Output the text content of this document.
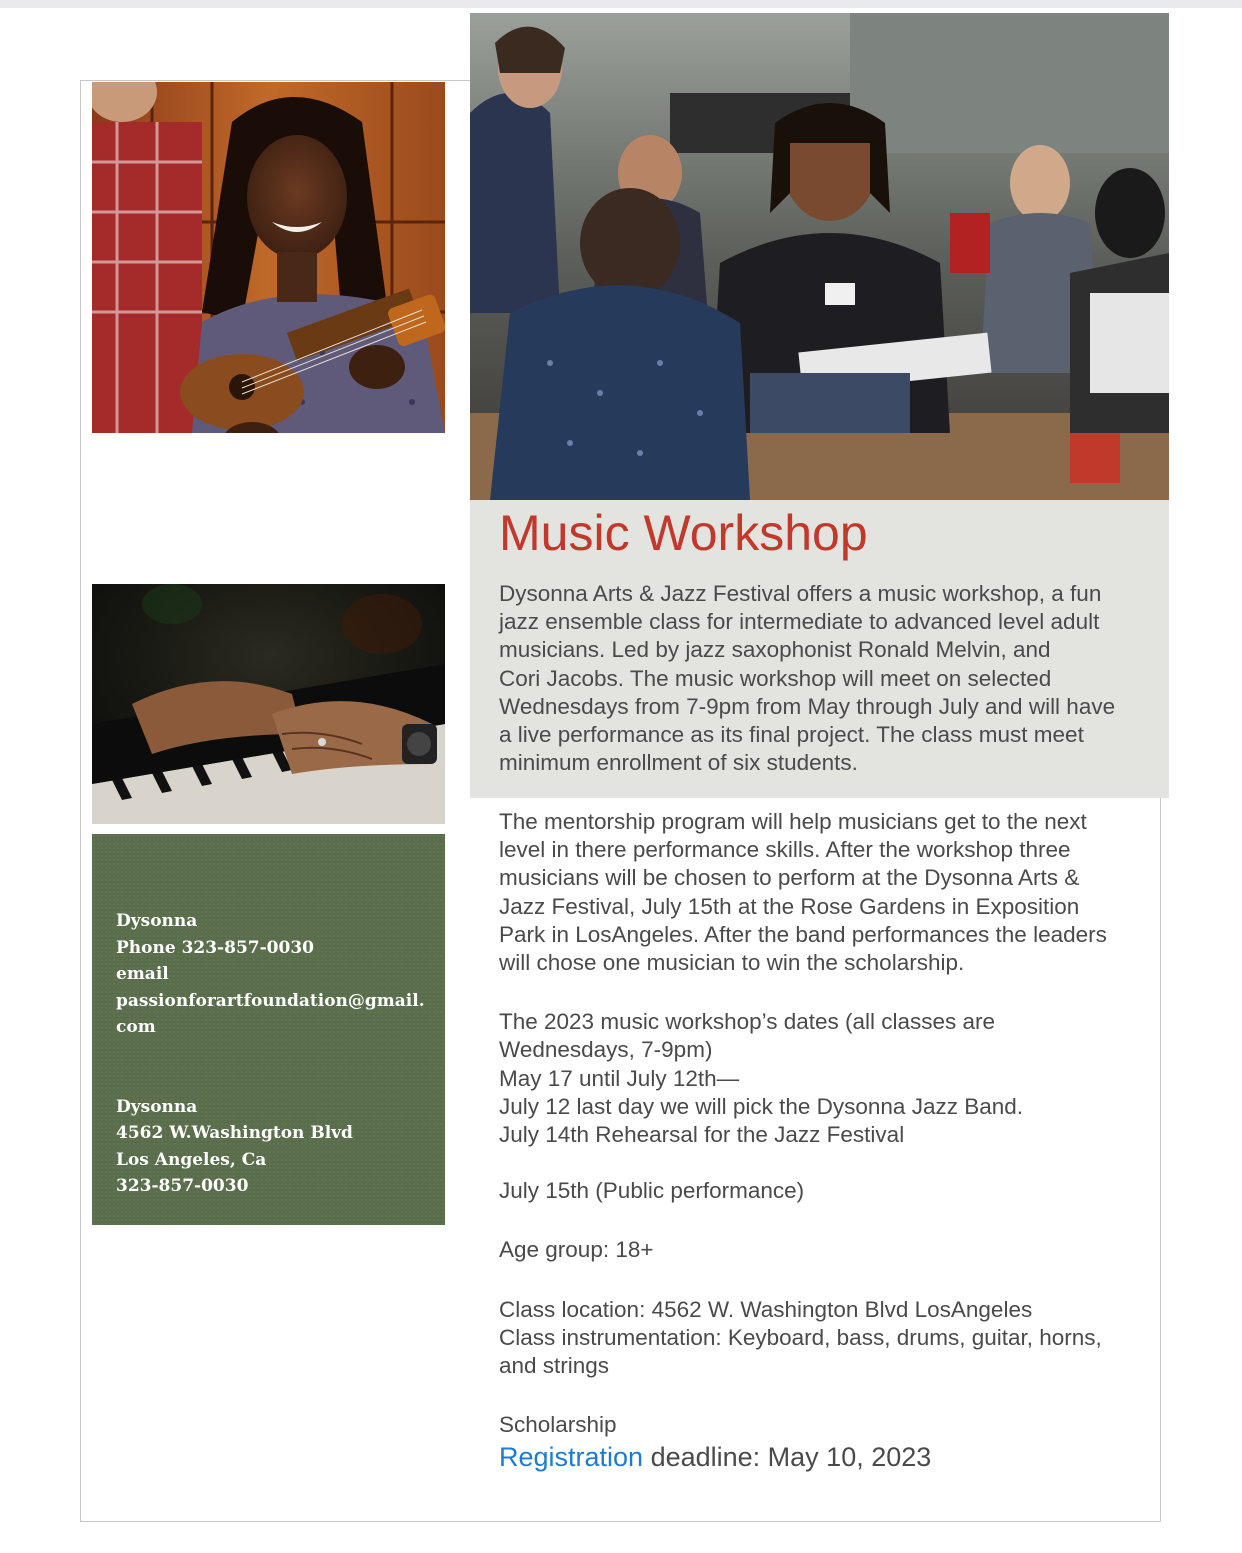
Dysonna
Phone 323-857-0030
email
passionforartfoundation@gmail.
com
Dysonna
4562 W.Washington Blvd
Los Angeles, Ca
323-857-0030
Music Workshop

Dysonna Arts & Jazz Festival offers a music workshop, a fun

jazz ensemble class for intermediate to advanced level adult

musicians. Led by jazz saxophonist Ronald Melvin, and

Cori Jacobs. The music workshop will meet on selected

Wednesdays from 7-9pm from May through July and will have

a live performance as its final project. The class must meet

minimum enrollment of six students.

The mentorship program will help musicians get to the next

level in there performance skills. After the workshop three

musicians will be chosen to perform at the Dysonna Arts &

Jazz Festival, July 15th at the Rose Gardens in Exposition

Park in LosAngeles. After the band performances the leaders

will chose one musician to win the scholarship.

The 2023 music workshop’s dates (all classes are

Wednesdays, 7-9pm)

May 17 until July 12th—

July 12 last day we will pick the Dysonna Jazz Band.

July 14th Rehearsal for the Jazz Festival

July 15th (Public performance)

Age group: 18+

Class location: 4562 W. Washington Blvd LosAngeles

Class instrumentation: Keyboard, bass, drums, guitar, horns,

and strings

Scholarship

Registration deadline: May 10, 2023
